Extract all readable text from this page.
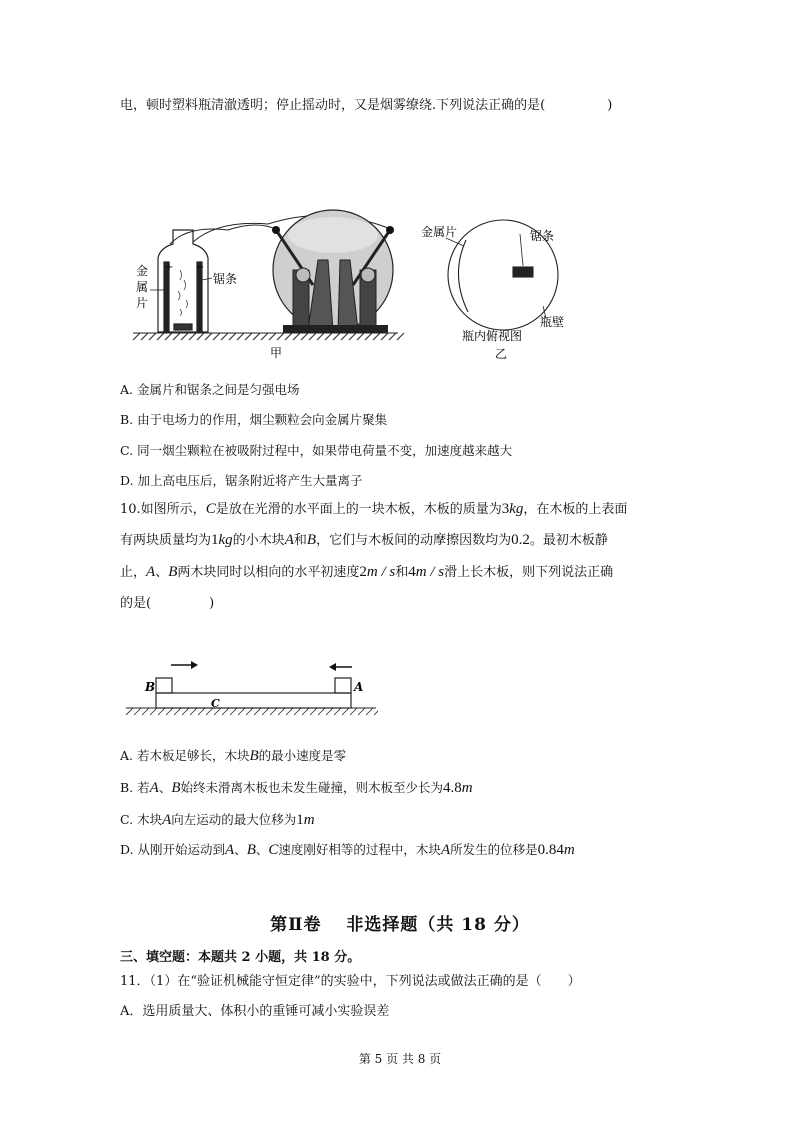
电，顿时塑料瓶清澈透明；停止摇动时，又是烟雾缭绕.下列说法正确的是(	)
+ −
金
属
片
锯条
甲
金属片	锯条
瓶壁
瓶内俯视图
乙
A. 金属片和锯条之间是匀强电场
B. 由于电场力的作用，烟尘颗粒会向金属片聚集
C. 同一烟尘颗粒在被吸附过程中，如果带电荷量不变，加速度越来越大
D. 加上高电压后，锯条附近将产生大量离子
10.如图所示，C是放在光滑的水平面上的一块木板，木板的质量为3kg，在木板的上表面
有两块质量均为1kg的小木块A和B，它们与木板间的动摩擦因数均为0.2。最初木板静
止，A、B两木块同时以相向的水平初速度2m / s和4m / s滑上长木板，则下列说法正确
的是(	)
B	A
C
A. 若木板足够长，木块B的最小速度是零
B. 若A、B始终未滑离木板也未发生碰撞，则木板至少长为4.8m
C. 木块A向左运动的最大位移为1m
D. 从刚开始运动到A、B、C速度刚好相等的过程中，木块A所发生的位移是0.84m
第Ⅱ卷　 非选择题（共 18 分）
三、填空题：本题共 2 小题，共 18 分。
11．（1）在“验证机械能守恒定律”的实验中，下列说法或做法正确的是（　　）
A．选用质量大、体积小的重锤可减小实验误差
第 5 页 共 8 页
